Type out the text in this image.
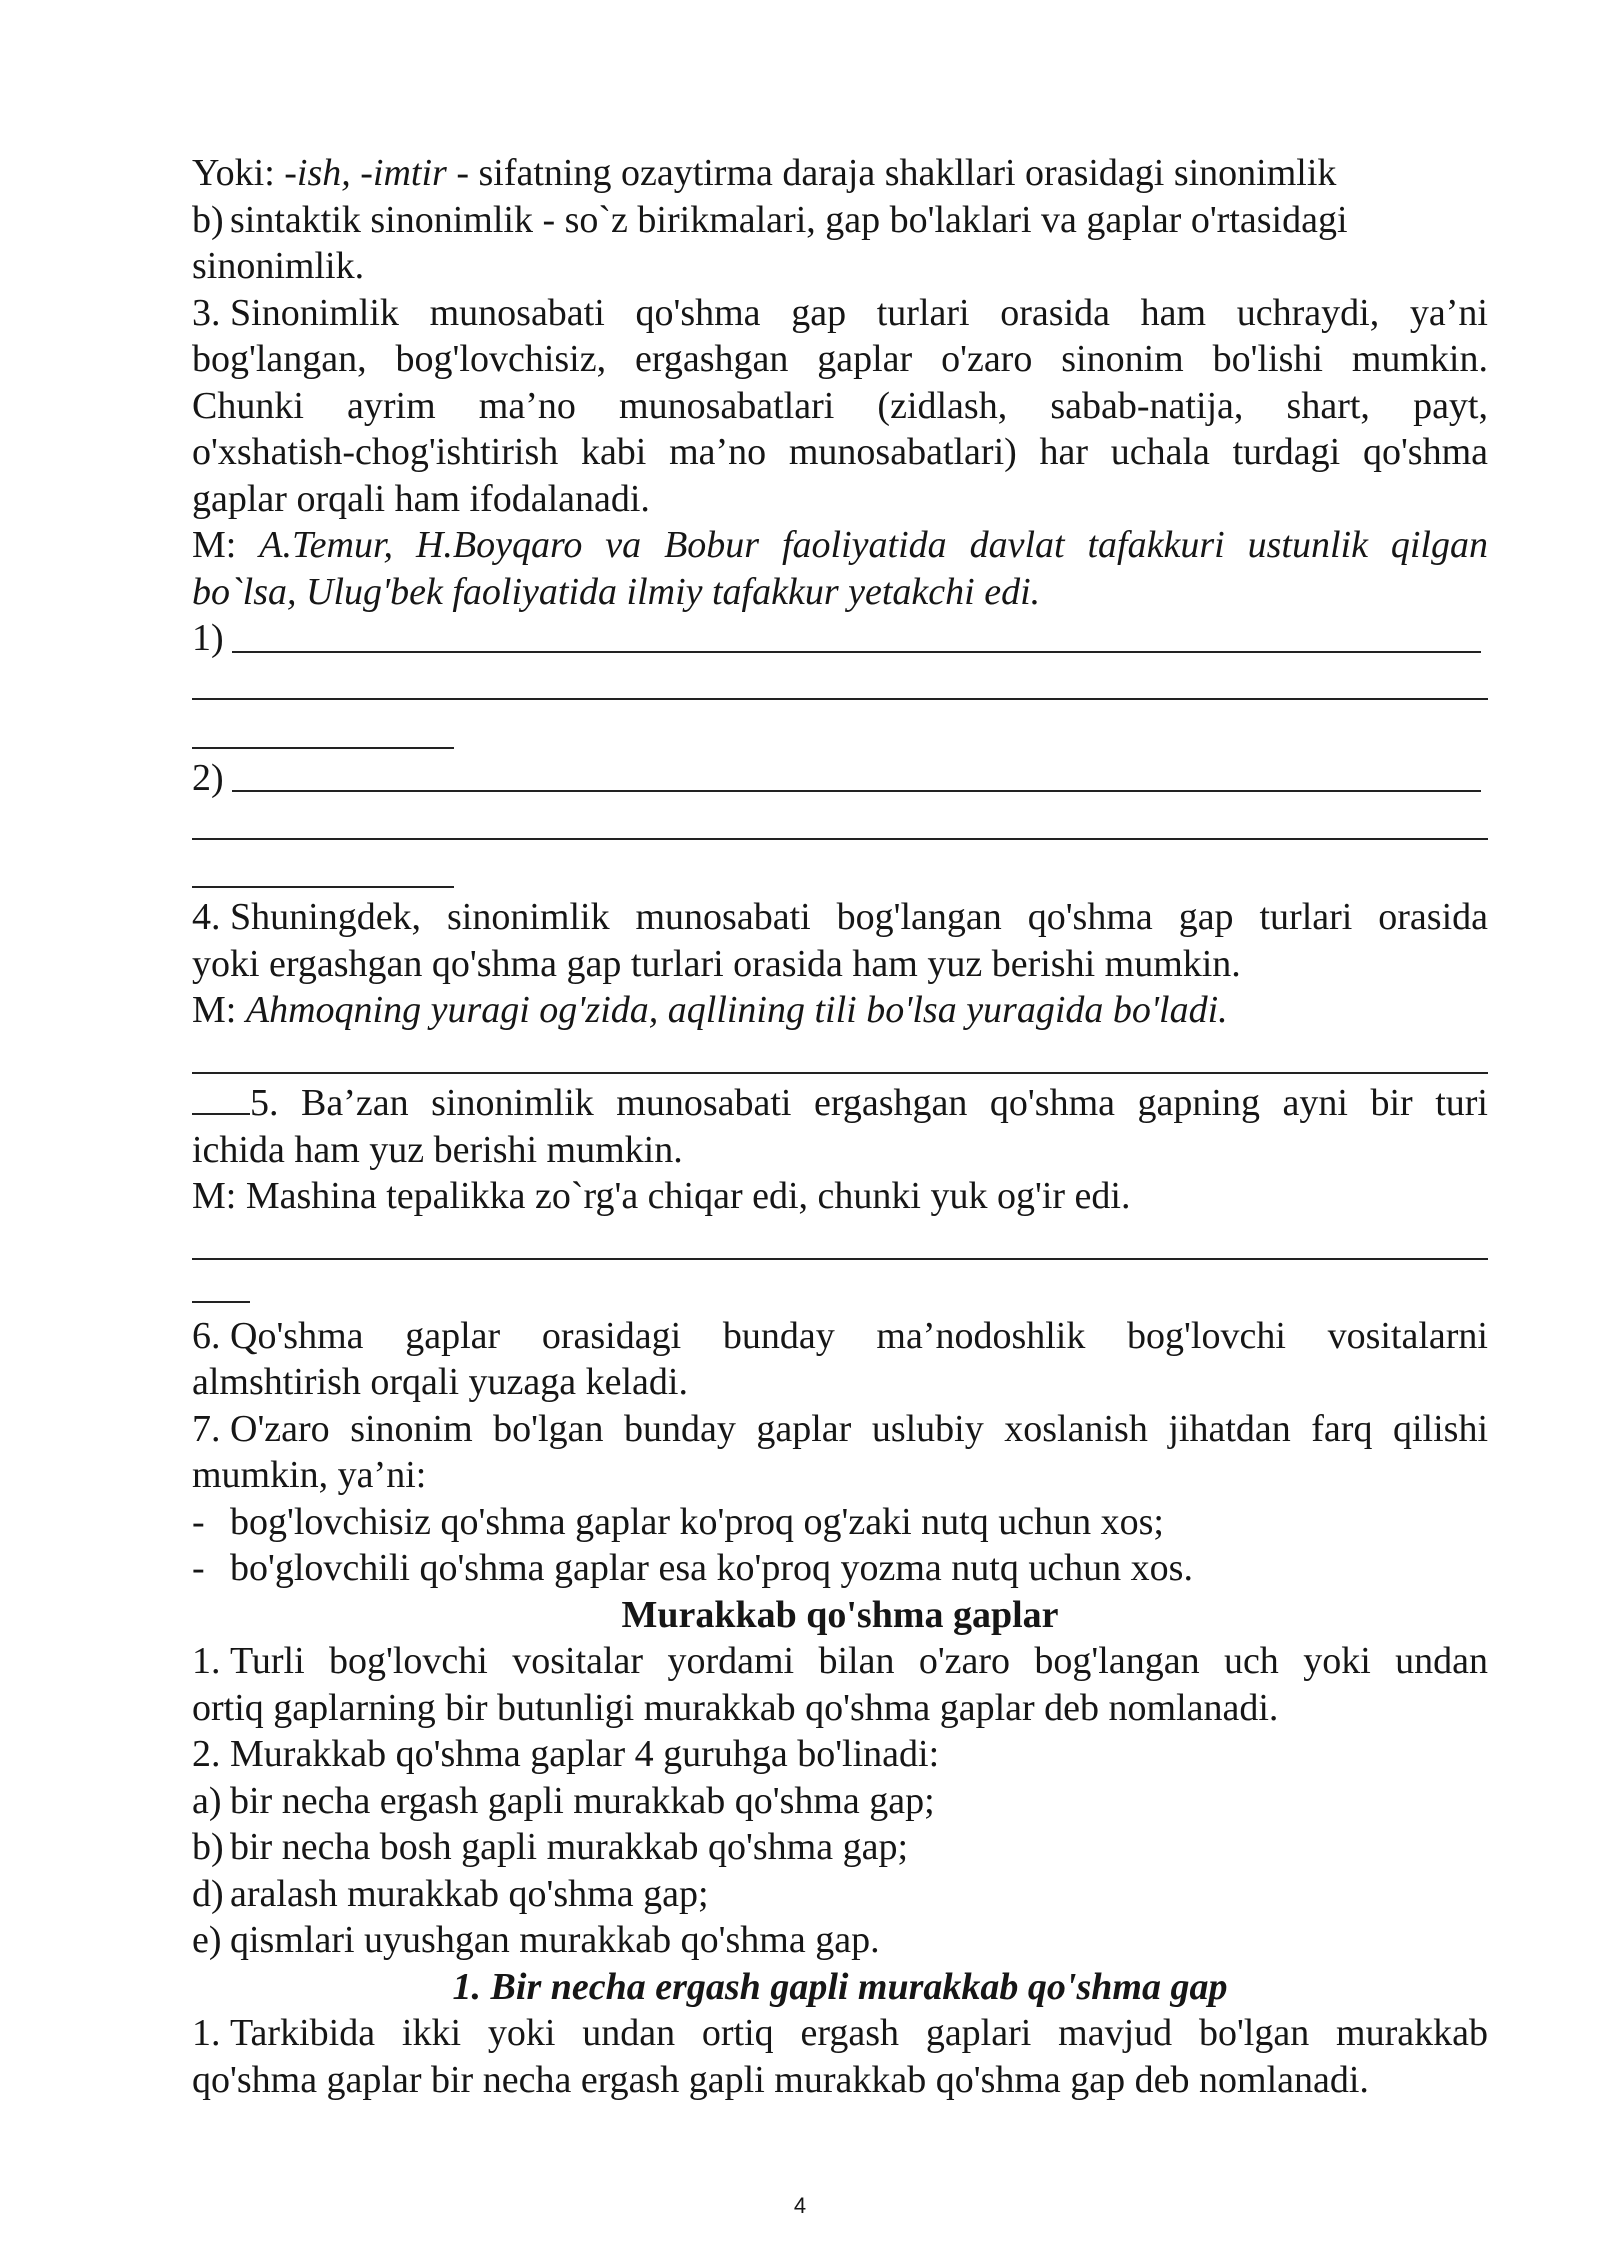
Yoki: -ish, -imtir - sifatning ozaytirma daraja shakllari orasidagi sinonimlik
b) sintaktik sinonimlik - so`z birikmalari, gap bo'laklari va gaplar o'rtasidagi
sinonimlik.
3. Sinonimlik munosabati qo'shma gap turlari orasida ham uchraydi, ya’ni
bog'langan, bog'lovchisiz, ergashgan gaplar o'zaro sinonim bo'lishi mumkin.
Chunki ayrim ma’no munosabatlari (zidlash, sabab-natija, shart, payt,
o'xshatish-chog'ishtirish kabi ma’no munosabatlari) har uchala turdagi qo'shma
gaplar orqali ham ifodalanadi.
M: A.Temur, H.Boyqaro va Bobur faoliyatida davlat tafakkuri ustunlik qilgan
bo`lsa, Ulug'bek faoliyatida ilmiy tafakkur yetakchi edi.
1)
2)
4. Shuningdek, sinonimlik munosabati bog'langan qo'shma gap turlari orasida
yoki ergashgan qo'shma gap turlari orasida ham yuz berishi mumkin.
M: Ahmoqning yuragi og'zida, aqllining tili bo'lsa yuragida bo'ladi.
5. Ba’zan sinonimlik munosabati ergashgan qo'shma gapning ayni bir turi
ichida ham yuz berishi mumkin.
M: Mashina tepalikka zo`rg'a chiqar edi, chunki yuk og'ir edi.
6. Qo'shma gaplar orasidagi bunday ma’nodoshlik bog'lovchi vositalarni
almshtirish orqali yuzaga keladi.
7. O'zaro sinonim bo'lgan bunday gaplar uslubiy xoslanish jihatdan farq qilishi
mumkin, ya’ni:
- bog'lovchisiz qo'shma gaplar ko'proq og'zaki nutq uchun xos;
- bo'glovchili qo'shma gaplar esa ko'proq yozma nutq uchun xos.
Murakkab qo'shma gaplar
1. Turli bog'lovchi vositalar yordami bilan o'zaro bog'langan uch yoki undan
ortiq gaplarning bir butunligi murakkab qo'shma gaplar deb nomlanadi.
2. Murakkab qo'shma gaplar 4 guruhga bo'linadi:
a) bir necha ergash gapli murakkab qo'shma gap;
b) bir necha bosh gapli murakkab qo'shma gap;
d) aralash murakkab qo'shma gap;
e) qismlari uyushgan murakkab qo'shma gap.
1. Bir necha ergash gapli murakkab qo'shma gap
1. Tarkibida ikki yoki undan ortiq ergash gaplari mavjud bo'lgan murakkab
qo'shma gaplar bir necha ergash gapli murakkab qo'shma gap deb nomlanadi.
4
